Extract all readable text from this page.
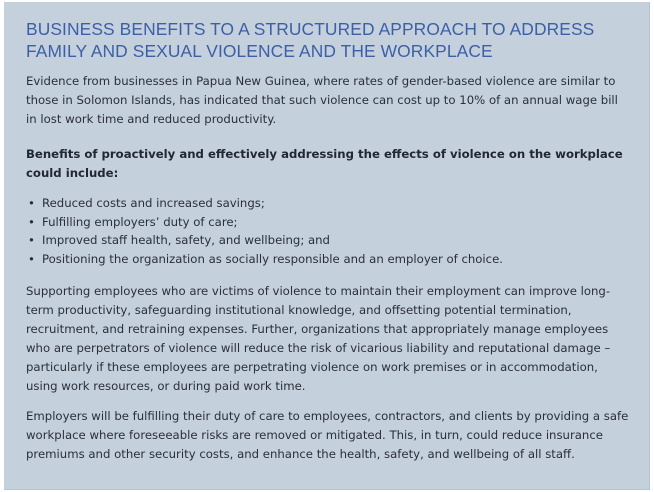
BUSINESS BENEFITS TO A STRUCTURED APPROACH TO ADDRESS FAMILY AND SEXUAL VIOLENCE AND THE WORKPLACE

Evidence from businesses in Papua New Guinea, where rates of gender-based violence are similar to those in Solomon Islands, has indicated that such violence can cost up to 10% of an annual wage bill in lost work time and reduced productivity.

Benefits of proactively and effectively addressing the effects of violence on the workplace could include:

• Reduced costs and increased savings;
• Fulfilling employers’ duty of care;
• Improved staff health, safety, and wellbeing; and
• Positioning the organization as socially responsible and an employer of choice.

Supporting employees who are victims of violence to maintain their employment can improve long-term productivity, safeguarding institutional knowledge, and offsetting potential termination, recruitment, and retraining expenses. Further, organizations that appropriately manage employees who are perpetrators of violence will reduce the risk of vicarious liability and reputational damage – particularly if these employees are perpetrating violence on work premises or in accommodation, using work resources, or during paid work time.

Employers will be fulfilling their duty of care to employees, contractors, and clients by providing a safe workplace where foreseeable risks are removed or mitigated. This, in turn, could reduce insurance premiums and other security costs, and enhance the health, safety, and wellbeing of all staff.
